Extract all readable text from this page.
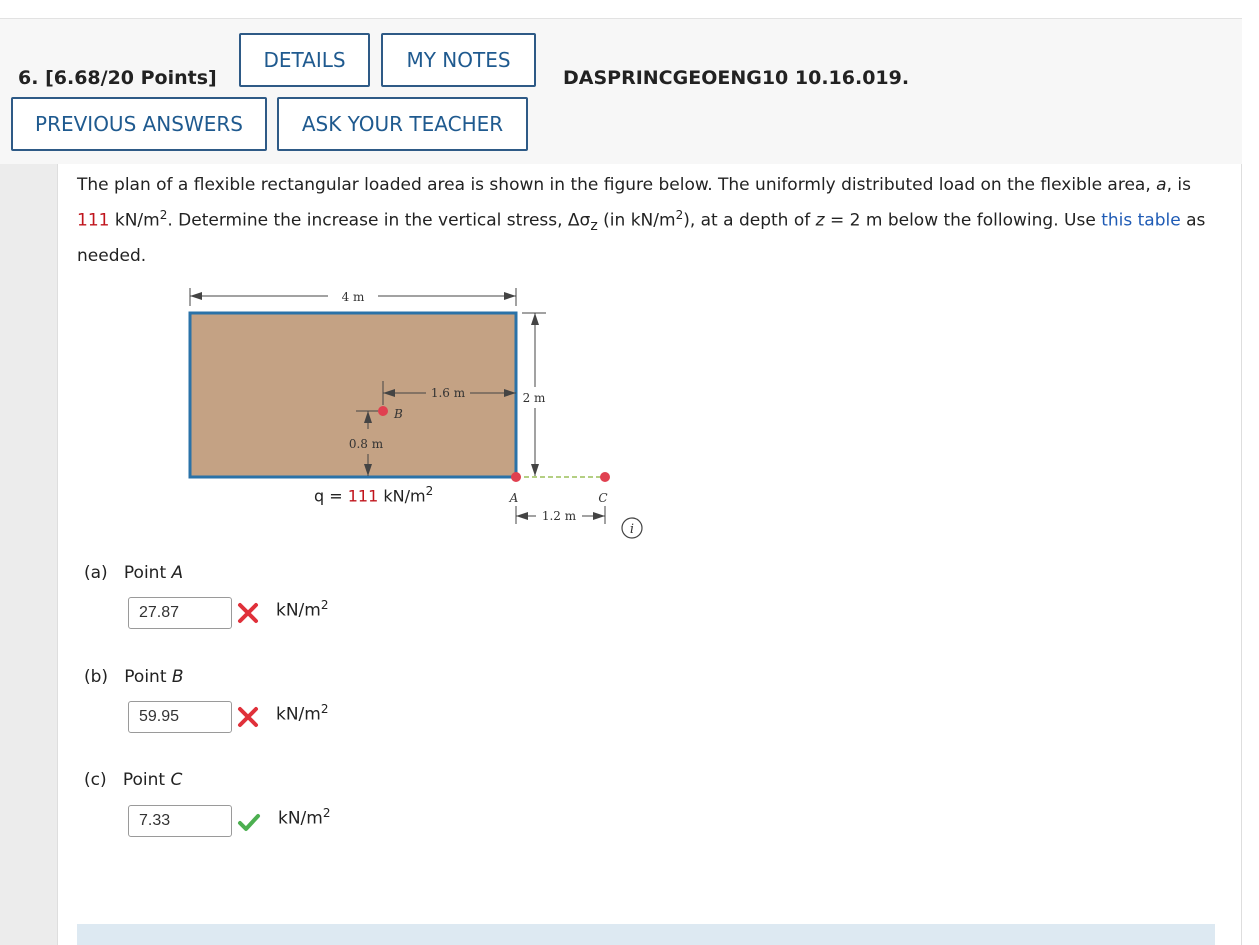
6. [6.68/20 Points]
DETAILS	MY NOTES
DASPRINCGEOENG10 10.16.019.
PREVIOUS ANSWERS	ASK YOUR TEACHER
The plan of a flexible rectangular loaded area is shown in the figure below. The uniformly distributed load on the flexible area, a, is 111 $kN/m^2$. Determine the increase in the vertical stress, $\Delta\sigma_z$ (in $kN/m^2$), at a depth of z = 2 m below the following. Use this table as needed.
4 m
2 m
1.6 m
0.8 m
B
A	C
1.2 m
q = 111 $kN/m^2$
i
(a) Point A
27.87
$kN/m^2$
(b) Point B
59.95
$kN/m^2$
(c) Point C
7.33
$kN/m^2$
